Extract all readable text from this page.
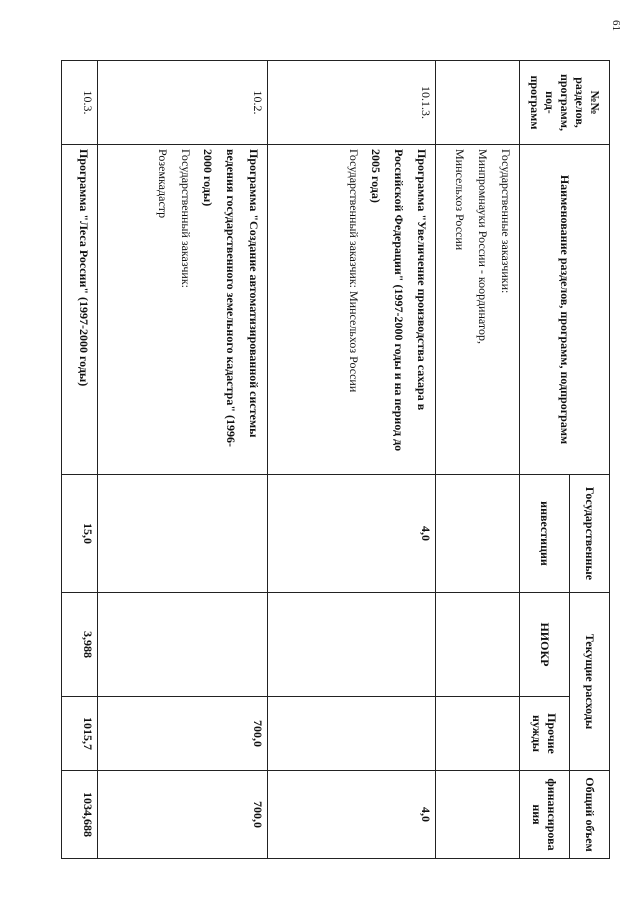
61
№№ разделов, программ, под-программ	Наименование разделов, программ, подпрограмм	Государственные	Текущие расходы		Общий объем
		инвестиции	НИОКР	Прочие нужды	финансирова ния

	Государственные заказчики:
Минпромнауки России - координатор,
Минсельхоз России				

10.1.3.	Программа "Увеличение производства сахара в Российской Федерации" (1997-2000 годы и на период до 2005 года)
Государственный заказчик: Минсельхоз России	4,0			4,0
10.2.	Программа "Создание автоматизированной системы ведения государственного земельного кадастра" (1996-2000 годы)
Государственный заказчик:
Роземкадастр			700,0	700,0
10.3.	Программа "Леса России" (1997-2000 годы)	15,0	3,988	1015,7	1034,688
